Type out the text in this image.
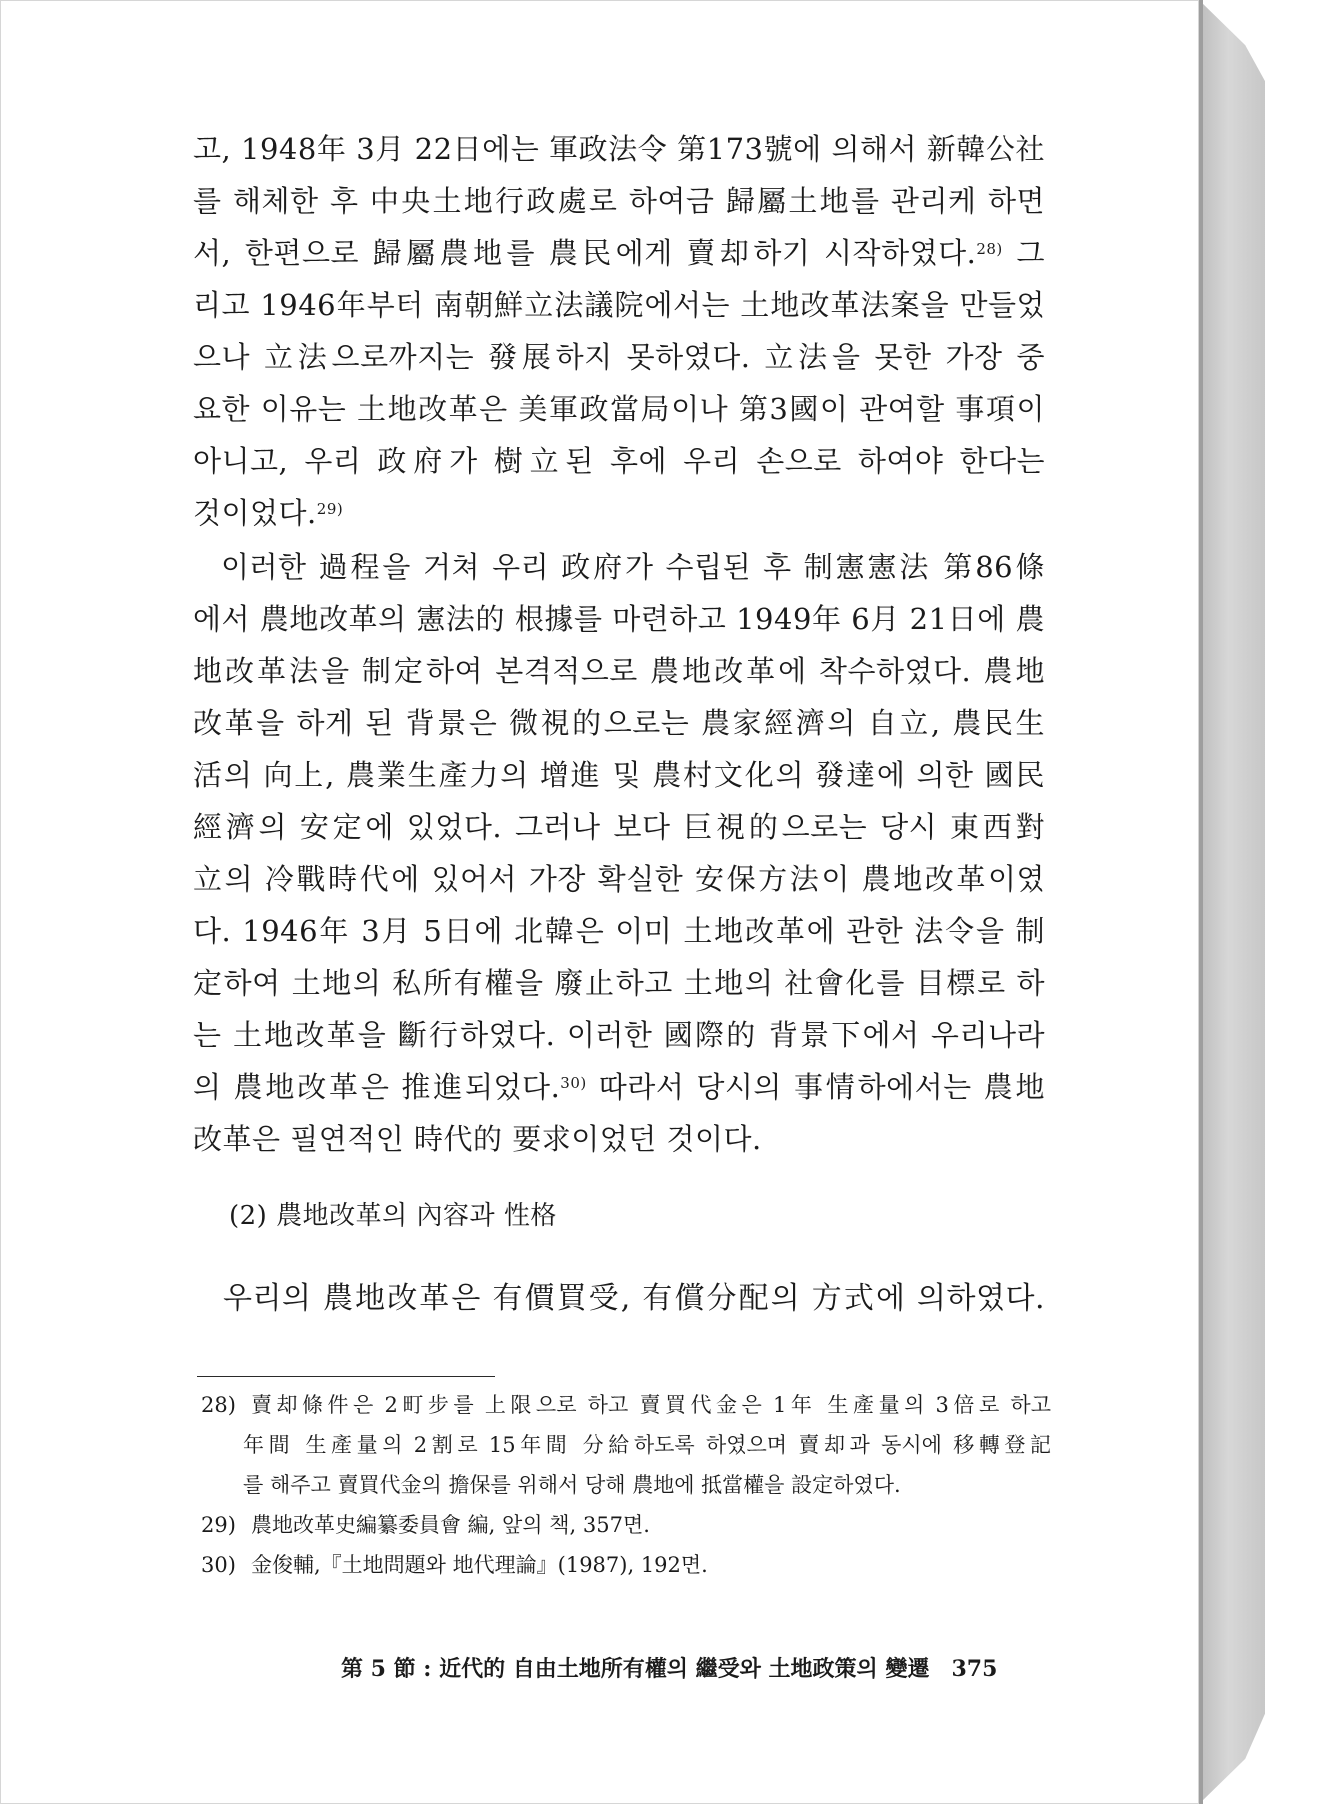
고, 1948年 3月 22日에는 軍政法令 第173號에 의해서 新韓公社
를 해체한 후 中央土地行政處로 하여금 歸屬土地를 관리케 하면
서, 한편으로 歸屬農地를 農民에게 賣却하기 시작하였다.$^{28)}$ 그
리고 1946年부터 南朝鮮立法議院에서는 土地改革法案을 만들었
으나 立法으로까지는 發展하지 못하였다. 立法을 못한 가장 중
요한 이유는 土地改革은 美軍政當局이나 第3國이 관여할 事項이
아니고, 우리 政府가 樹立된 후에 우리 손으로 하여야 한다는
것이었다.$^{29)}$
이러한 過程을 거쳐 우리 政府가 수립된 후 制憲憲法 第86條
에서 農地改革의 憲法的 根據를 마련하고 1949年 6月 21日에 農
地改革法을 制定하여 본격적으로 農地改革에 착수하였다. 農地
改革을 하게 된 背景은 微視的으로는 農家經濟의 自立, 農民生
活의 向上, 農業生產力의 增進 및 農村文化의 發達에 의한 國民
經濟의 安定에 있었다. 그러나 보다 巨視的으로는 당시 東西對
立의 冷戰時代에 있어서 가장 확실한 安保方法이 農地改革이였
다. 1946年 3月 5日에 北韓은 이미 土地改革에 관한 法令을 制
定하여 土地의 私所有權을 廢止하고 土地의 社會化를 目標로 하
는 土地改革을 斷行하였다. 이러한 國際的 背景下에서 우리나라
의 農地改革은 推進되었다.$^{30)}$ 따라서 당시의 事情하에서는 農地
改革은 필연적인 時代的 要求이었던 것이다.
(2) 農地改革의 內容과 性格
우리의 農地改革은 有價買受, 有償分配의 方式에 의하였다.
28) 賣却條件은 2町步를 上限으로 하고 賣買代金은 1年 生產量의 3倍로 하고
年間 生產量의 2割로 15年間 分給하도록 하였으며 賣却과 동시에 移轉登記
를 해주고 賣買代金의 擔保를 위해서 당해 農地에 抵當權을 設定하였다.
29) 農地改革史編纂委員會 編, 앞의 책, 357면.
30) 金俊輔,『土地問題와 地代理論』(1987), 192면.
第 5 節 : 近代的 自由土地所有權의 繼受와 土地政策의 變遷 375
